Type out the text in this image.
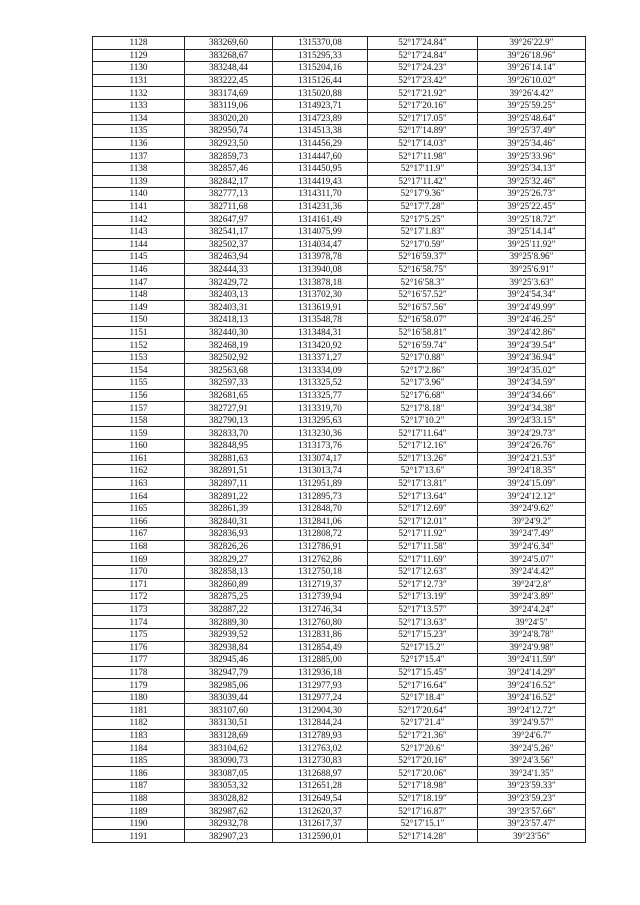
1128	383269,60	1315370,08	52°17′24.84″	39°26′22.9″
1129	383268,67	1315295,33	52°17′24.84″	39°26′18.96″
1130	383248,44	1315204,16	52°17′24.23″	39°26′14.14″
1131	383222,45	1315126,44	52°17′23.42″	39°26′10.02″
1132	383174,69	1315020,88	52°17′21.92″	39°26′4.42″
1133	383119,06	1314923,71	52°17′20.16″	39°25′59.25″
1134	383020,20	1314723,89	52°17′17.05″	39°25′48.64″
1135	382950,74	1314513,38	52°17′14.89″	39°25′37.49″
1136	382923,50	1314456,29	52°17′14.03″	39°25′34.46″
1137	382859,73	1314447,60	52°17′11.98″	39°25′33.96″
1138	382857,46	1314450,95	52°17′11.9″	39°25′34.13″
1139	382842,17	1314419,43	52°17′11.42″	39°25′32.46″
1140	382777,13	1314311,70	52°17′9.36″	39°25′26.73″
1141	382711,68	1314231,36	52°17′7.28″	39°25′22.45″
1142	382647,97	1314161,49	52°17′5.25″	39°25′18.72″
1143	382541,17	1314075,99	52°17′1.83″	39°25′14.14″
1144	382502,37	1314034,47	52°17′0.59″	39°25′11.92″
1145	382463,94	1313978,78	52°16′59.37″	39°25′8.96″
1146	382444,33	1313940,08	52°16′58.75″	39°25′6.91″
1147	382429,72	1313878,18	52°16′58.3″	39°25′3.63″
1148	382403,13	1313702,30	52°16′57.52″	39°24′54.34″
1149	382403,31	1313619,91	52°16′57.56″	39°24′49.99″
1150	382418,13	1313548,78	52°16′58.07″	39°24′46.25″
1151	382440,30	1313484,31	52°16′58.81″	39°24′42.86″
1152	382468,19	1313420,92	52°16′59.74″	39°24′39.54″
1153	382502,92	1313371,27	52°17′0.88″	39°24′36.94″
1154	382563,68	1313334,09	52°17′2.86″	39°24′35.02″
1155	382597,33	1313325,52	52°17′3.96″	39°24′34.59″
1156	382681,65	1313325,77	52°17′6.68″	39°24′34.66″
1157	382727,91	1313319,70	52°17′8.18″	39°24′34.38″
1158	382790,13	1313295,63	52°17′10.2″	39°24′33.15″
1159	382833,70	1313230,36	52°17′11.64″	39°24′29.73″
1160	382848,95	1313173,76	52°17′12.16″	39°24′26.76″
1161	382881,63	1313074,17	52°17′13.26″	39°24′21.53″
1162	382891,51	1313013,74	52°17′13.6″	39°24′18.35″
1163	382897,11	1312951,89	52°17′13.81″	39°24′15.09″
1164	382891,22	1312895,73	52°17′13.64″	39°24′12.12″
1165	382861,39	1312848,70	52°17′12.69″	39°24′9.62″
1166	382840,31	1312841,06	52°17′12.01″	39°24′9.2″
1167	382836,93	1312808,72	52°17′11.92″	39°24′7.49″
1168	382826,26	1312786,91	52°17′11.58″	39°24′6.34″
1169	382829,27	1312762,86	52°17′11.69″	39°24′5.07″
1170	382858,13	1312750,18	52°17′12.63″	39°24′4.42″
1171	382860,89	1312719,37	52°17′12.73″	39°24′2.8″
1172	382875,25	1312739,94	52°17′13.19″	39°24′3.89″
1173	382887,22	1312746,34	52°17′13.57″	39°24′4.24″
1174	382889,30	1312760,80	52°17′13.63″	39°24′5″
1175	382939,52	1312831,86	52°17′15.23″	39°24′8.78″
1176	382938,84	1312854,49	52°17′15.2″	39°24′9.98″
1177	382945,46	1312885,00	52°17′15.4″	39°24′11.59″
1178	382947,79	1312936,18	52°17′15.45″	39°24′14.29″
1179	382985,06	1312977,93	52°17′16.64″	39°24′16.52″
1180	383039,44	1312977,24	52°17′18.4″	39°24′16.52″
1181	383107,60	1312904,30	52°17′20.64″	39°24′12.72″
1182	383130,51	1312844,24	52°17′21.4″	39°24′9.57″
1183	383128,69	1312789,93	52°17′21.36″	39°24′6.7″
1184	383104,62	1312763,02	52°17′20.6″	39°24′5.26″
1185	383090,73	1312730,83	52°17′20.16″	39°24′3.56″
1186	383087,05	1312688,97	52°17′20.06″	39°24′1.35″
1187	383053,32	1312651,28	52°17′18.98″	39°23′59.33″
1188	383028,82	1312649,54	52°17′18.19″	39°23′59.23″
1189	382987,62	1312620,37	52°17′16.87″	39°23′57.66″
1190	382932,78	1312617,37	52°17′15.1″	39°23′57.47″
1191	382907,23	1312590,01	52°17′14.28″	39°23′56″
